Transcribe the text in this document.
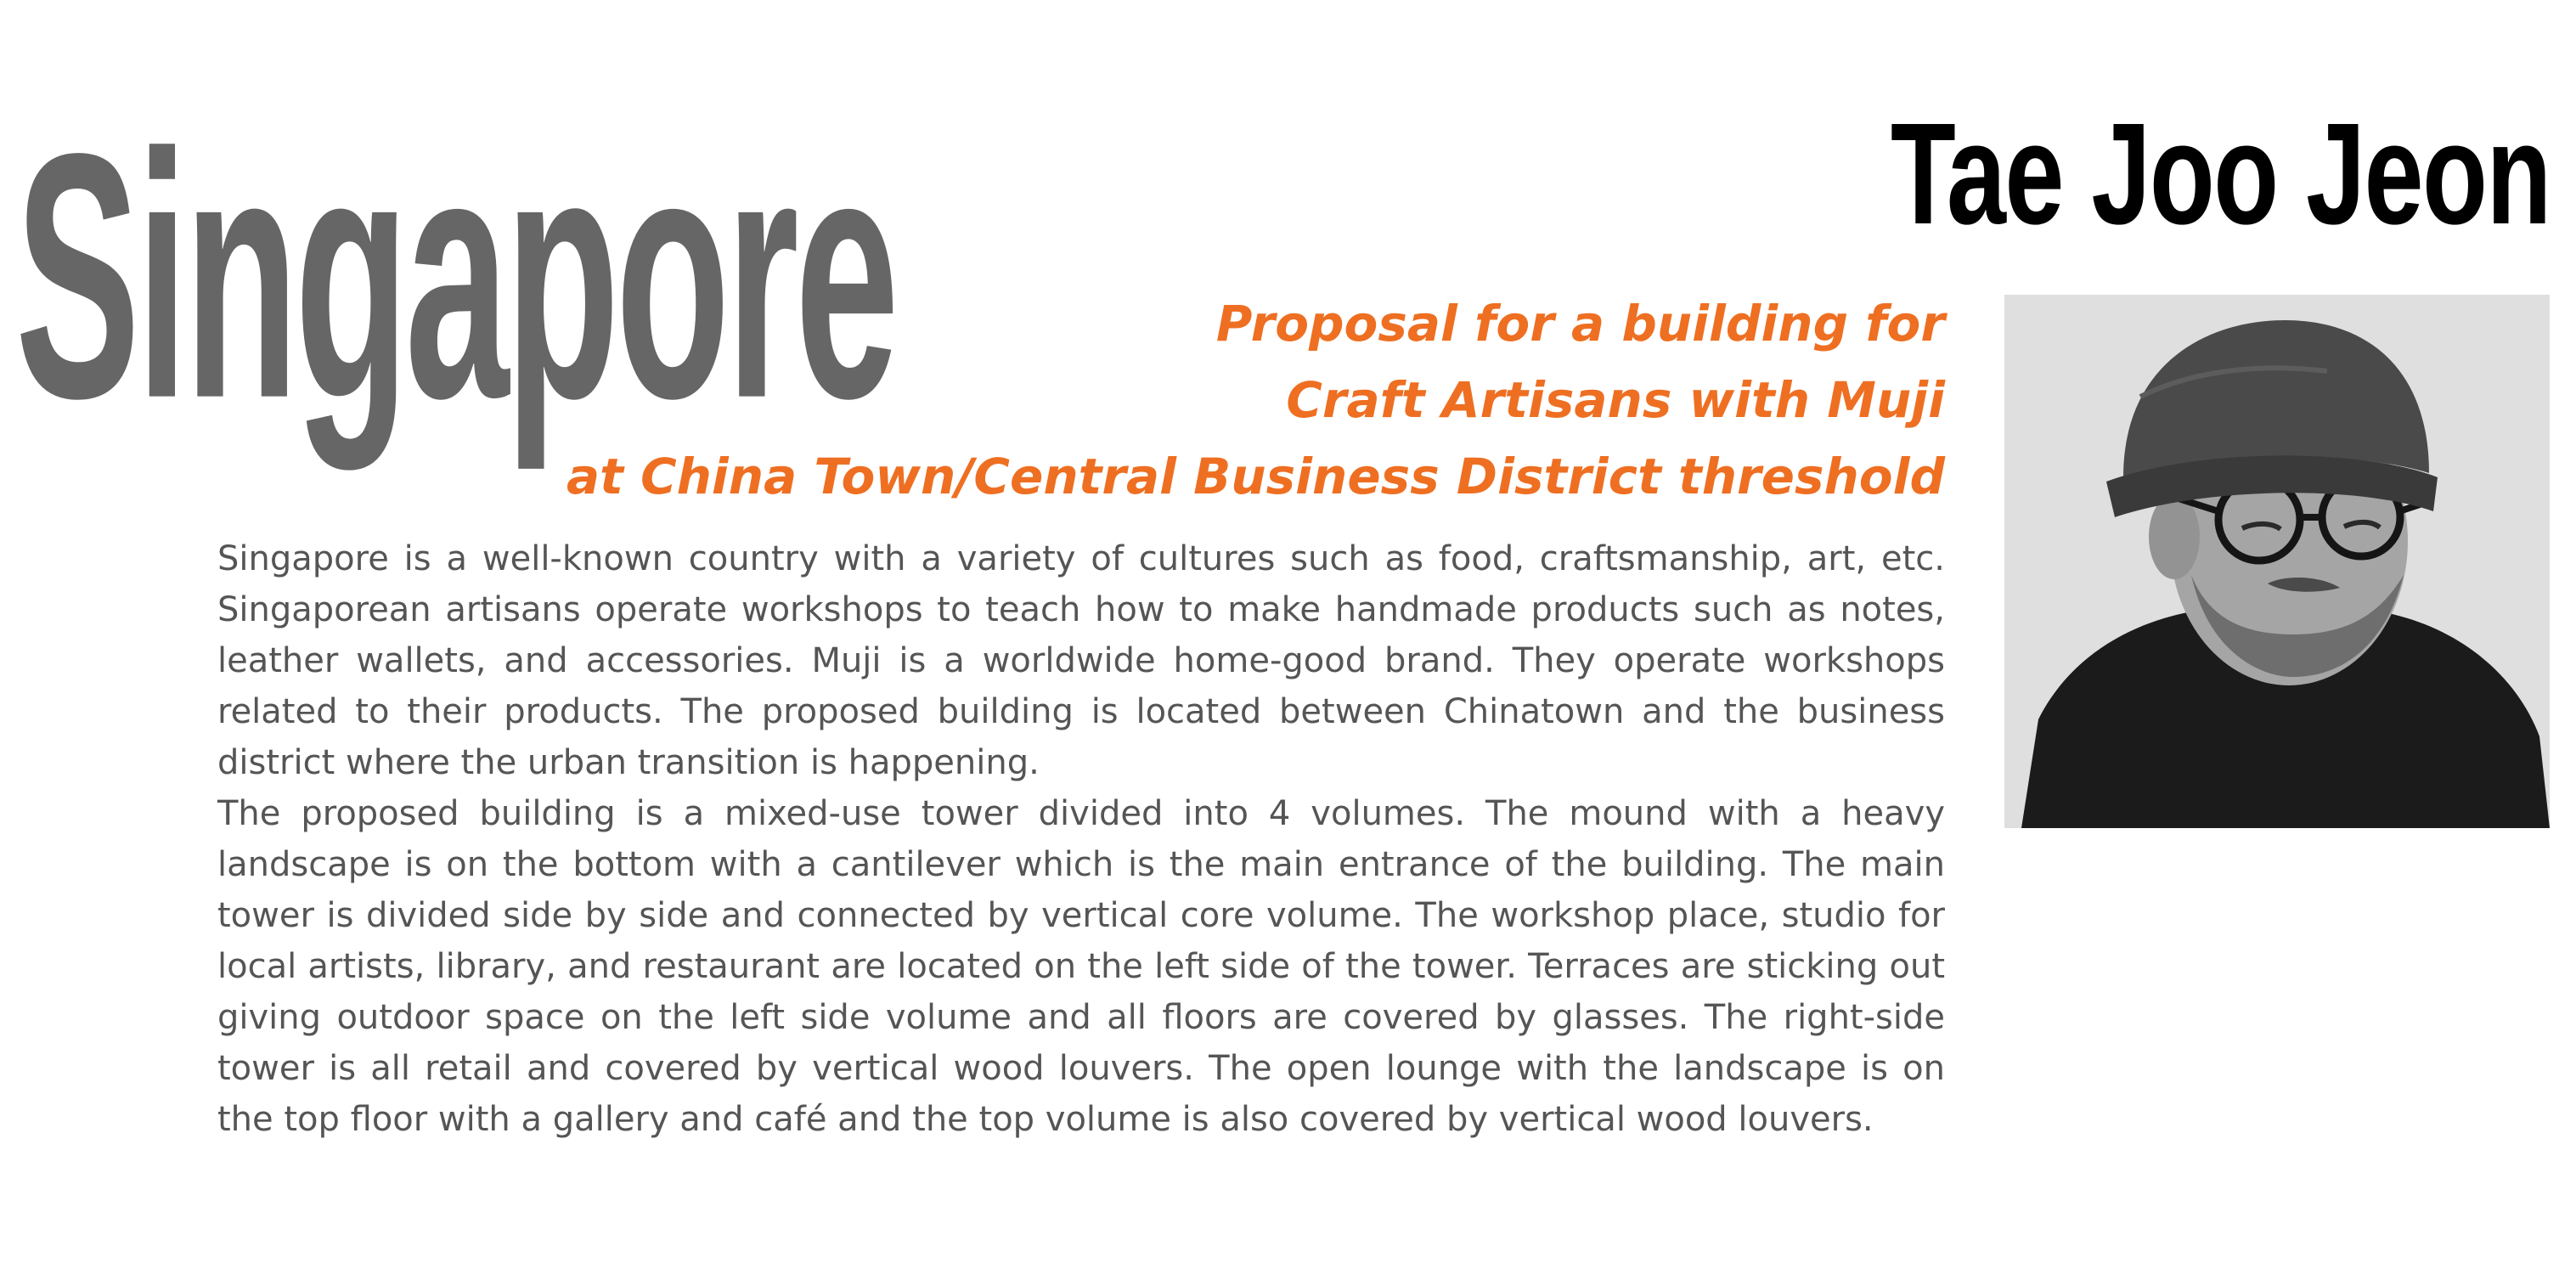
Singapore	Tae Joo Jeon
Proposal for a building for
Craft Artisans with Muji
at China Town/Central Business District threshold

Singapore is a well-known country with a variety of cultures such as food, craftsmanship, art, etc. Singaporean artisans operate workshops to teach how to make handmade products such as notes, leather wallets, and accessories. Muji is a worldwide home-good brand. They operate workshops related to their products. The proposed building is located between Chinatown and the business district where the urban transition is happening.

The proposed building is a mixed-use tower divided into 4 volumes. The mound with a heavy landscape is on the bottom with a cantilever which is the main entrance of the building. The main tower is divided side by side and connected by vertical core volume. The workshop place, studio for local artists, library, and restaurant are located on the left side of the tower. Terraces are sticking out giving outdoor space on the left side volume and all floors are covered by glasses. The right-side tower is all retail and covered by vertical wood louvers. The open lounge with the landscape is on the top floor with a gallery and café and the top volume is also covered by vertical wood louvers.
